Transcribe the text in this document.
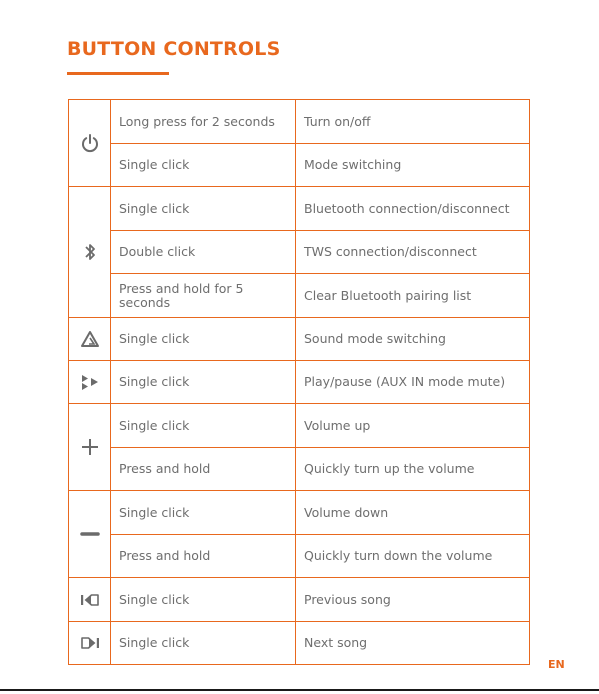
BUTTON CONTROLS
	Long press for 2 seconds	Turn on/off
	Single click	Mode switching

	Single click	Bluetooth connection/disconnect
	Double click	TWS connection/disconnect
	Press and hold for 5 seconds	Clear Bluetooth pairing list

	Single click	Sound mode switching

	Single click	Play/pause (AUX IN mode mute)

	Single click	Volume up
	Press and hold	Quickly turn up the volume

	Single click	Volume down
	Press and hold	Quickly turn down the volume

	Single click	Previous song

	Single click	Next song
EN
